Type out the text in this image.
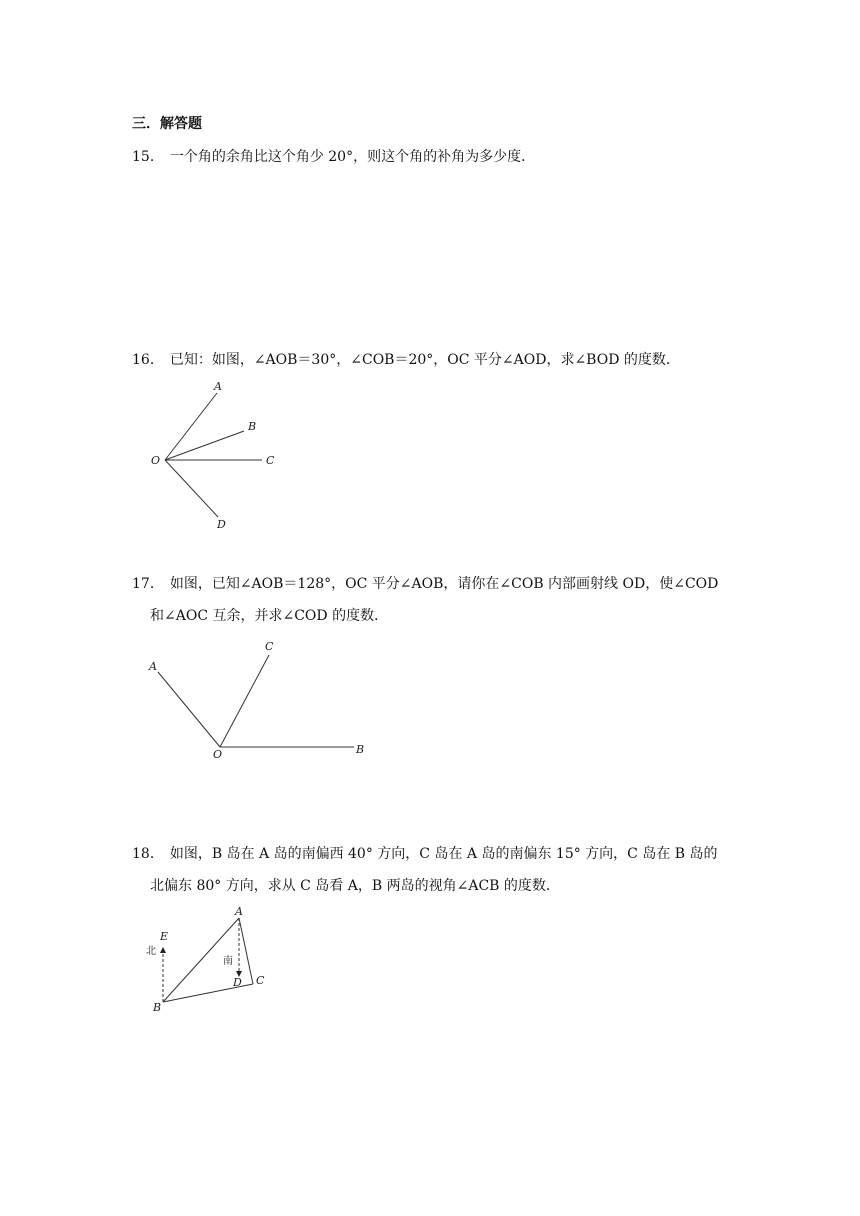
三．解答题
15． 一个角的余角比这个角少 20°，则这个角的补角为多少度．
16． 已知：如图，∠AOB＝30°，∠COB＝20°，OC 平分∠AOD，求∠BOD 的度数．
A
B
C
D
O
17． 如图，已知∠AOB＝128°，OC 平分∠AOB，请你在∠COB 内部画射线 OD，使∠COD
和∠AOC 互余，并求∠COD 的度数．
A
C
O	B
18． 如图，B 岛在 A 岛的南偏西 40° 方向，C 岛在 A 岛的南偏东 15° 方向，C 岛在 B 岛的
北偏东 80° 方向，求从 C 岛看 A，B 两岛的视角∠ACB 的度数．
A
B
C
D
E
北
南
